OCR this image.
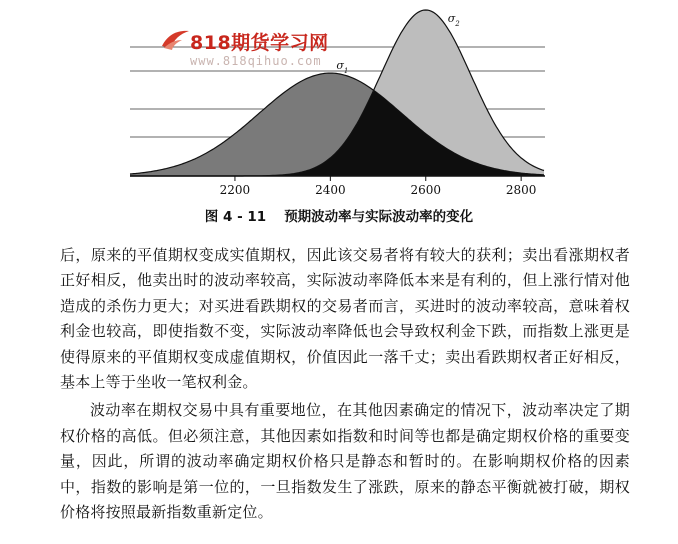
2200	2400	2600	2800
$\sigma_1$
$\sigma_2$
818期货学习网
www.818qihuo.com
图 4 - 11 预期波动率与实际波动率的变化

后，原来的平值期权变成实值期权，因此该交易者将有较大的获利；卖出看涨期权者正好相反，他卖出时的波动率较高，实际波动率降低本来是有利的，但上涨行情对他造成的杀伤力更大；对买进看跌期权的交易者而言，买进时的波动率较高，意味着权利金也较高，即使指数不变，实际波动率降低也会导致权利金下跌，而指数上涨更是使得原来的平值期权变成虚值期权，价值因此一落千丈；卖出看跌期权者正好相反，基本上等于坐收一笔权利金。

波动率在期权交易中具有重要地位，在其他因素确定的情况下，波动率决定了期权价格的高低。但必须注意，其他因素如指数和时间等也都是确定期权价格的重要变量，因此，所谓的波动率确定期权价格只是静态和暂时的。在影响期权价格的因素中，指数的影响是第一位的，一旦指数发生了涨跌，原来的静态平衡就被打破，期权价格将按照最新指数重新定位。
